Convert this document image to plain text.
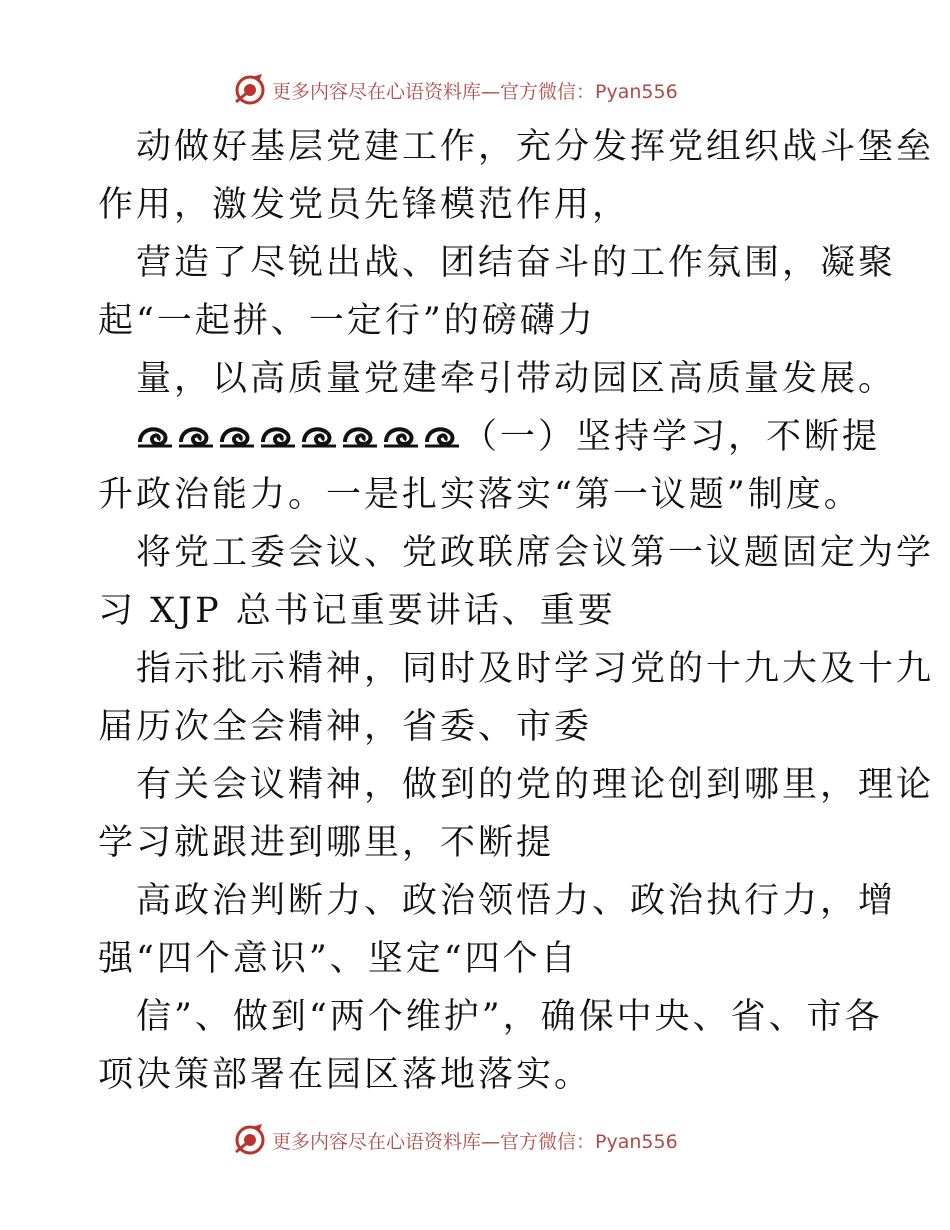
更多内容尽在心语资料库—官方微信：Pyan556
动做好基层党建工作，充分发挥党组织战斗堡垒
作用，激发党员先锋模范作用，
营造了尽锐出战、团结奋斗的工作氛围，凝聚
起“一起拼、一定行”的磅礴力
量，以高质量党建牵引带动园区高质量发展。
（一）坚持学习，不断提
升政治能力。一是扎实落实“第一议题”制度。
将党工委会议、党政联席会议第一议题固定为学
习 XJP 总书记重要讲话、重要
指示批示精神，同时及时学习党的十九大及十九
届历次全会精神，省委、市委
有关会议精神，做到的党的理论创到哪里，理论
学习就跟进到哪里，不断提
高政治判断力、政治领悟力、政治执行力，增
强“四个意识”、坚定“四个自
信”、做到“两个维护”，确保中央、省、市各
项决策部署在园区落地落实。
更多内容尽在心语资料库—官方微信：Pyan556
